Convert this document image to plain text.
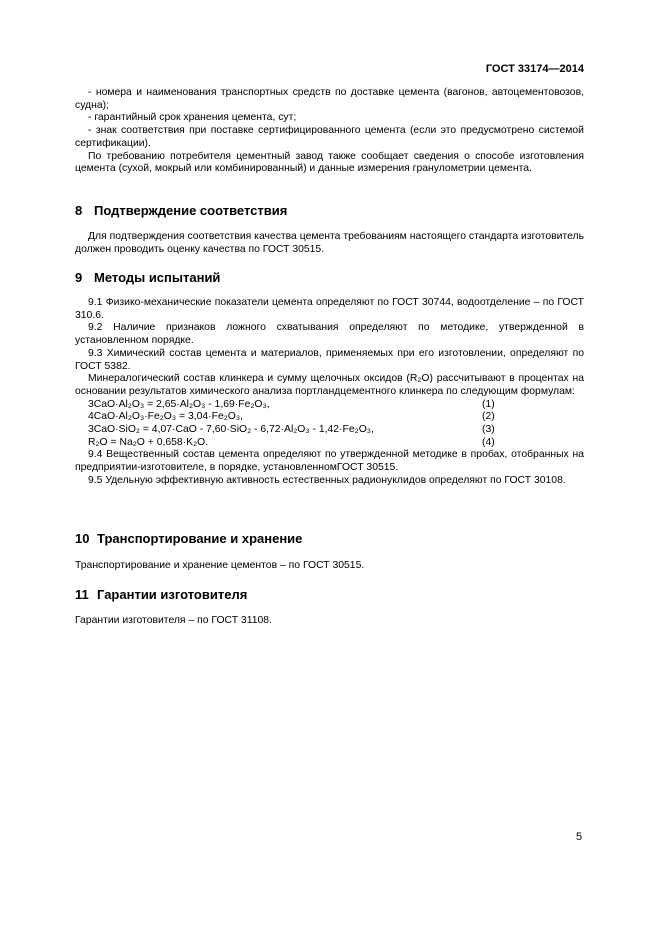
ГОСТ 33174—2014

- номера и наименования транспортных средств по доставке цемента (вагонов, автоцементовозов, судна);

- гарантийный срок хранения цемента, сут;

- знак соответствия при поставке сертифицированного цемента (если это предусмотрено системой сертификации).

По требованию потребителя цементный завод также сообщает сведения о способе изготовления цемента (сухой, мокрый или комбинированный) и данные измерения гранулометрии цемента.

8 Подтверждение соответствия

Для подтверждения соответствия качества цемента требованиям настоящего стандарта изготовитель должен проводить оценку качества по ГОСТ 30515.

9 Методы испытаний

9.1 Физико-механические показатели цемента определяют по ГОСТ 30744, водоотделение – по ГОСТ 310.6.

9.2 Наличие признаков ложного схватывания определяют по методике, утвержденной в установленном порядке.

9.3 Химический состав цемента и материалов, применяемых при его изготовлении, определяют по ГОСТ 5382.

Минералогический состав клинкера и сумму щелочных оксидов (R₂O) рассчитывают в процентах на основании результатов химического анализа портландцементного клинкера по следующим формулам:

3CaO·Al₂O₃ = 2,65·Al₂O₃ - 1,69·Fe₂O₃,	(1)
4CaO·Al₂O₃·Fe₂O₃ = 3,04·Fe₂O₃,	(2)
3CaO·SiO₂ = 4,07·CaO - 7,60·SiO₂ - 6,72·Al₂O₃ - 1,42·Fe₂O₃,	(3)
R₂O = Na₂O + 0,658·K₂O.	(4)

9.4 Вещественный состав цемента определяют по утвержденной методике в пробах, отобранных на предприятии-изготовителе, в порядке, установленномГОСТ 30515.

9.5 Удельную эффективную активность естественных радионуклидов определяют по ГОСТ 30108.

10 Транспортирование и хранение

Транспортирование и хранение цементов – по ГОСТ 30515.

11 Гарантии изготовителя

Гарантии изготовителя – по ГОСТ 31108.

5
